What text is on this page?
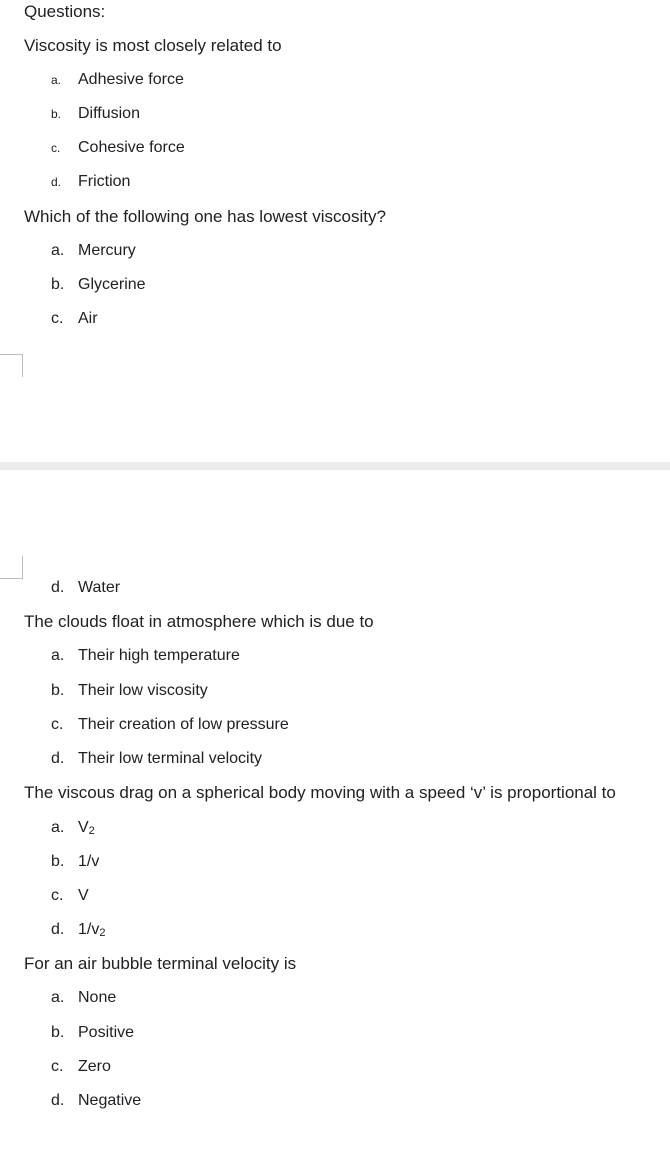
Questions:
Viscosity is most closely related to
a. Adhesive force
b. Diffusion
c. Cohesive force
d. Friction
Which of the following one has lowest viscosity?
a. Mercury
b. Glycerine
c. Air
d. Water
The clouds float in atmosphere which is due to
a. Their high temperature
b. Their low viscosity
c. Their creation of low pressure
d. Their low terminal velocity
The viscous drag on a spherical body moving with a speed ‘v’ is proportional to
a. $V_2$
b. 1/v
c. V
d. $1/v_2$
For an air bubble terminal velocity is
a. None
b. Positive
c. Zero
d. Negative
